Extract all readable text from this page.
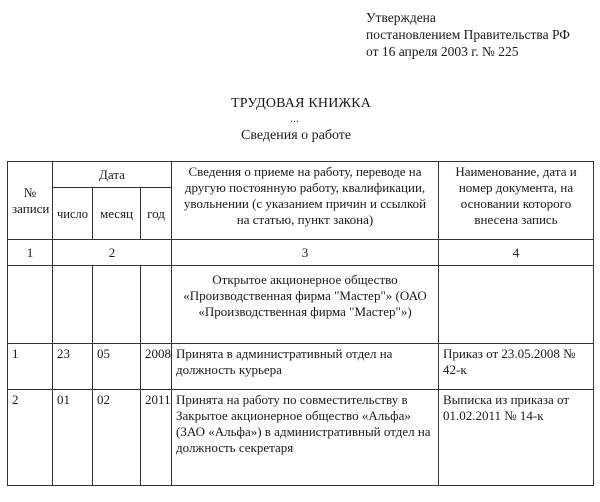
Утверждена
постановлением Правительства РФ
от 16 апреля 2003 г. № 225
ТРУДОВАЯ КНИЖКА
...
Сведения о работе
№ записи	Дата			Сведения о приеме на работу, переводе на другую постоянную работу, квалификации, увольнении (с указанием причин и ссылкой на статью, пункт закона)	Наименование, дата и номер документа, на основании которого внесена запись
	число	месяц	год		
1	2			3	4
				Открытое акционерное общество «Производственная фирма "Мастер"» (ОАО «Производственная фирма "Мастер"»)	
1	23	05	2008	Принята в административный отдел на должность курьера	Приказ от 23.05.2008 № 42-к
2	01	02	2011	Принята на работу по совместительству в Закрытое акционерное общество «Альфа» (ЗАО «Альфа») в административный отдел на должность секретаря	Выписка из приказа от 01.02.2011 № 14-к
